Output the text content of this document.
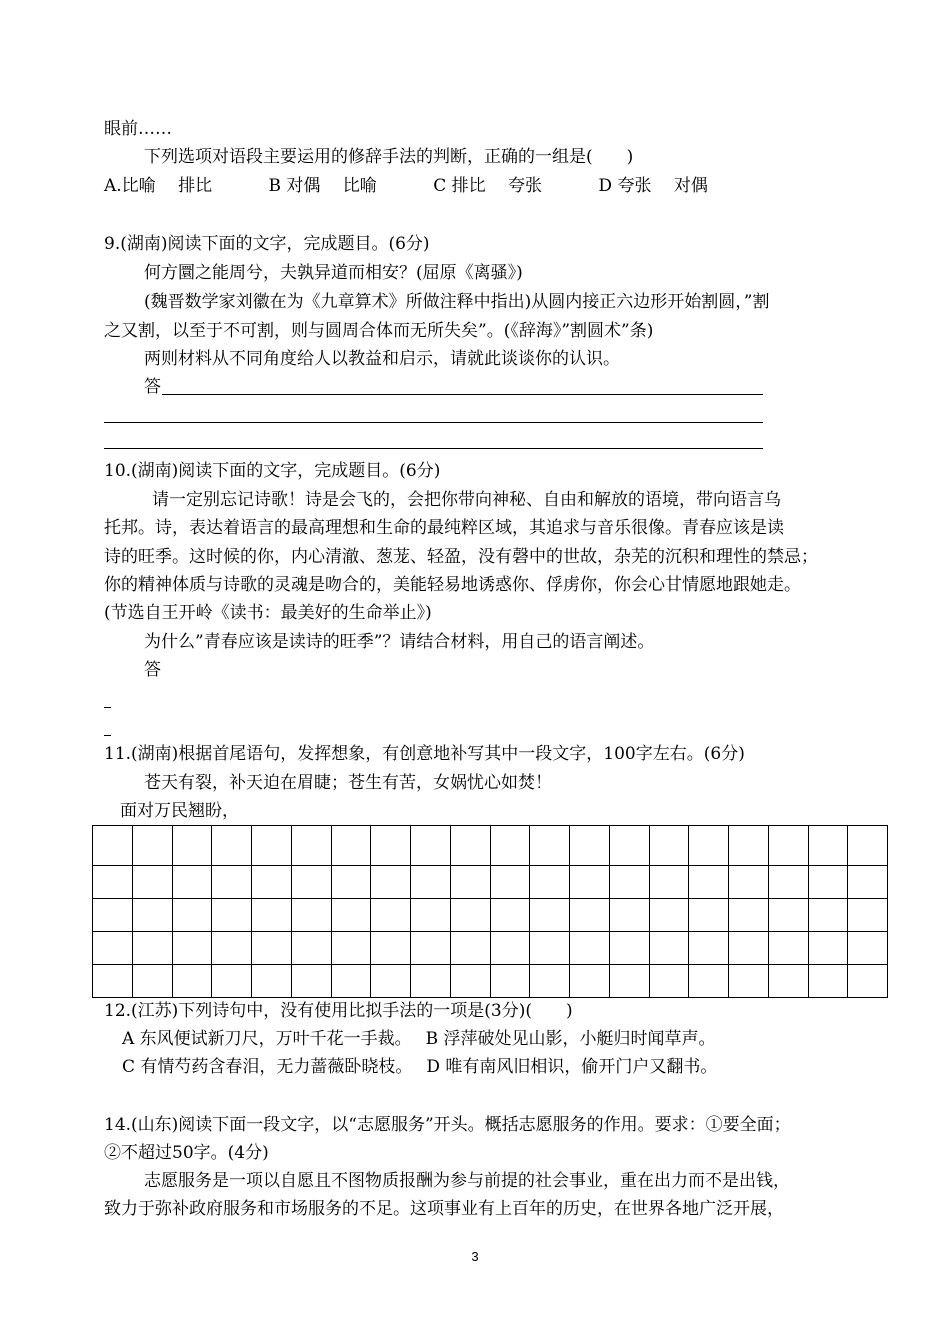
眼前……
下列选项对语段主要运用的修辞手法的判断，正确的一组是(　　)
A.比喻　 排比　　　 B 对偶　 比喻　　　 C 排比　 夸张　　　 D 夸张　 对偶
9.(湖南)阅读下面的文字，完成题目。(6分)
何方圜之能周兮，夫孰异道而相安？(屈原《离骚》)
(魏晋数学家刘徽在为《九章算术》所做注释中指出)从圆内接正六边形开始割圆，”割
之又割，以至于不可割，则与圆周合体而无所失矣”。(《辞海》”割圆术”条)
两则材料从不同角度给人以教益和启示，请就此谈谈你的认识。
答
10.(湖南)阅读下面的文字，完成题目。(6分)
请一定别忘记诗歌！诗是会飞的，会把你带向神秘、自由和解放的语境，带向语言乌
托邦。诗，表达着语言的最高理想和生命的最纯粹区域，其追求与音乐很像。青春应该是读
诗的旺季。这时候的你，内心清澈、葱茏、轻盈，没有磬中的世故，杂芜的沉积和理性的禁忌；
你的精神体质与诗歌的灵魂是吻合的，美能轻易地诱惑你、俘虏你，你会心甘情愿地跟她走。
(节选自王开岭《读书：最美好的生命举止》)
为什么”青春应该是读诗的旺季”？请结合材料，用自己的语言阐述。
答
11.(湖南)根据首尾语句，发挥想象，有创意地补写其中一段文字，100字左右。(6分)
苍天有裂，补天迫在眉睫；苍生有苦，女娲忧心如焚！
面对万民翘盼，

12.(江苏)下列诗句中，没有使用比拟手法的一项是(3分)(　　)
A 东风便试新刀尺，万叶千花一手裁。　 B 浮萍破处见山影，小艇归时闻草声。
C 有情芍药含春泪，无力蔷薇卧晓枝。　 D 唯有南风旧相识，偷开门户又翻书。
14.(山东)阅读下面一段文字，以“志愿服务”开头。概括志愿服务的作用。要求：①要全面；
②不超过50字。(4分)
志愿服务是一项以自愿且不图物质报酬为参与前提的社会事业，重在出力而不是出钱，
致力于弥补政府服务和市场服务的不足。这项事业有上百年的历史，在世界各地广泛开展，
3
